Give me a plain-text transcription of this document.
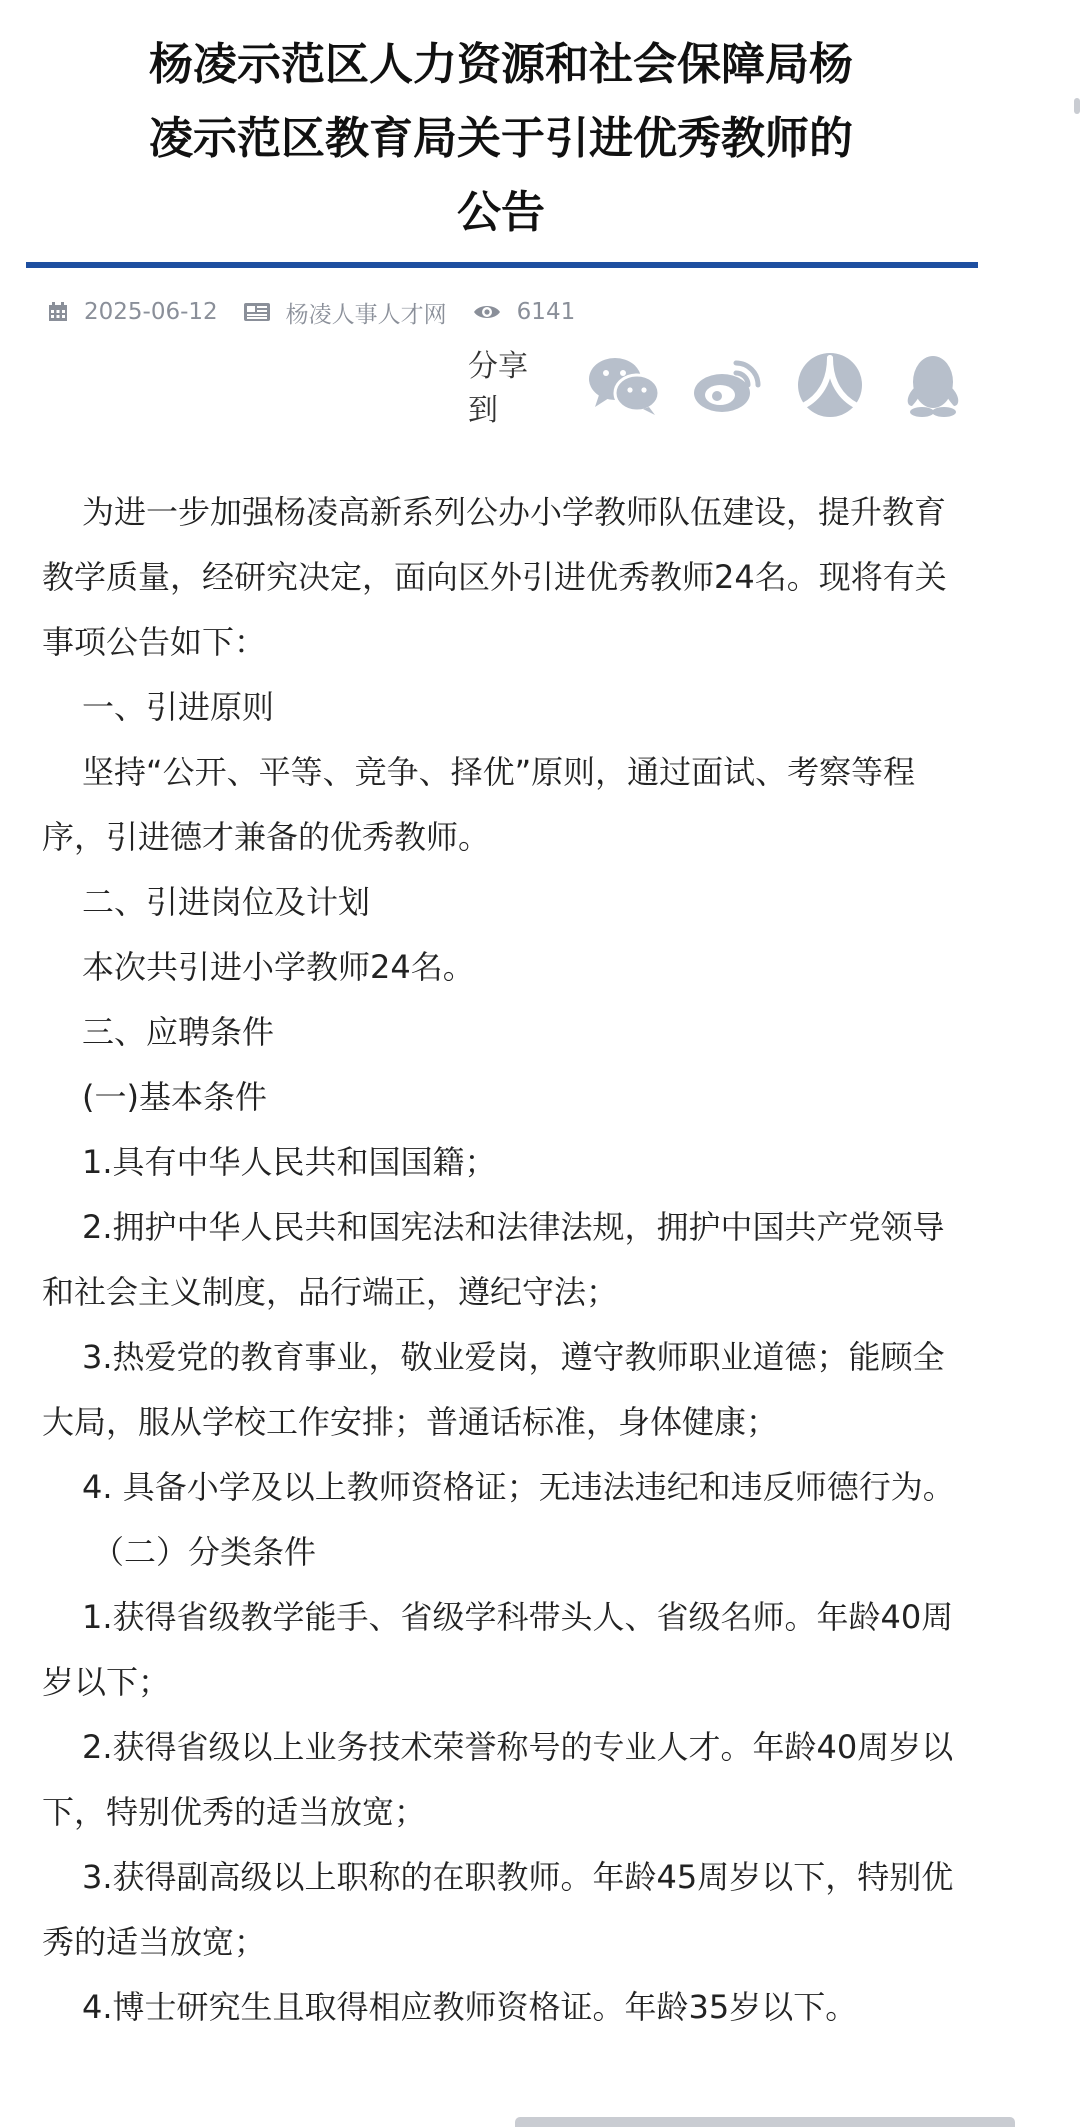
杨凌示范区人力资源和社会保障局杨
凌示范区教育局关于引进优秀教师的
公告
2025-06-12	杨凌人事人才网	6141
分享到

为进一步加强杨凌高新系列公办小学教师队伍建设，提升教育教学质量，经研究决定，面向区外引进优秀教师24名。现将有关事项公告如下：

一、引进原则

坚持“公开、平等、竞争、择优”原则，通过面试、考察等程序，引进德才兼备的优秀教师。

二、引进岗位及计划

本次共引进小学教师24名。

三、应聘条件

(一)基本条件

1.具有中华人民共和国国籍；

2.拥护中华人民共和国宪法和法律法规，拥护中国共产党领导和社会主义制度，品行端正，遵纪守法；

3.热爱党的教育事业，敬业爱岗，遵守教师职业道德；能顾全大局，服从学校工作安排；普通话标准，身体健康；

4. 具备小学及以上教师资格证；无违法违纪和违反师德行为。

（二）分类条件

1.获得省级教学能手、省级学科带头人、省级名师。年龄40周岁以下；

2.获得省级以上业务技术荣誉称号的专业人才。年龄40周岁以下，特别优秀的适当放宽；

3.获得副高级以上职称的在职教师。年龄45周岁以下，特别优秀的适当放宽；

4.博士研究生且取得相应教师资格证。年龄35岁以下。
